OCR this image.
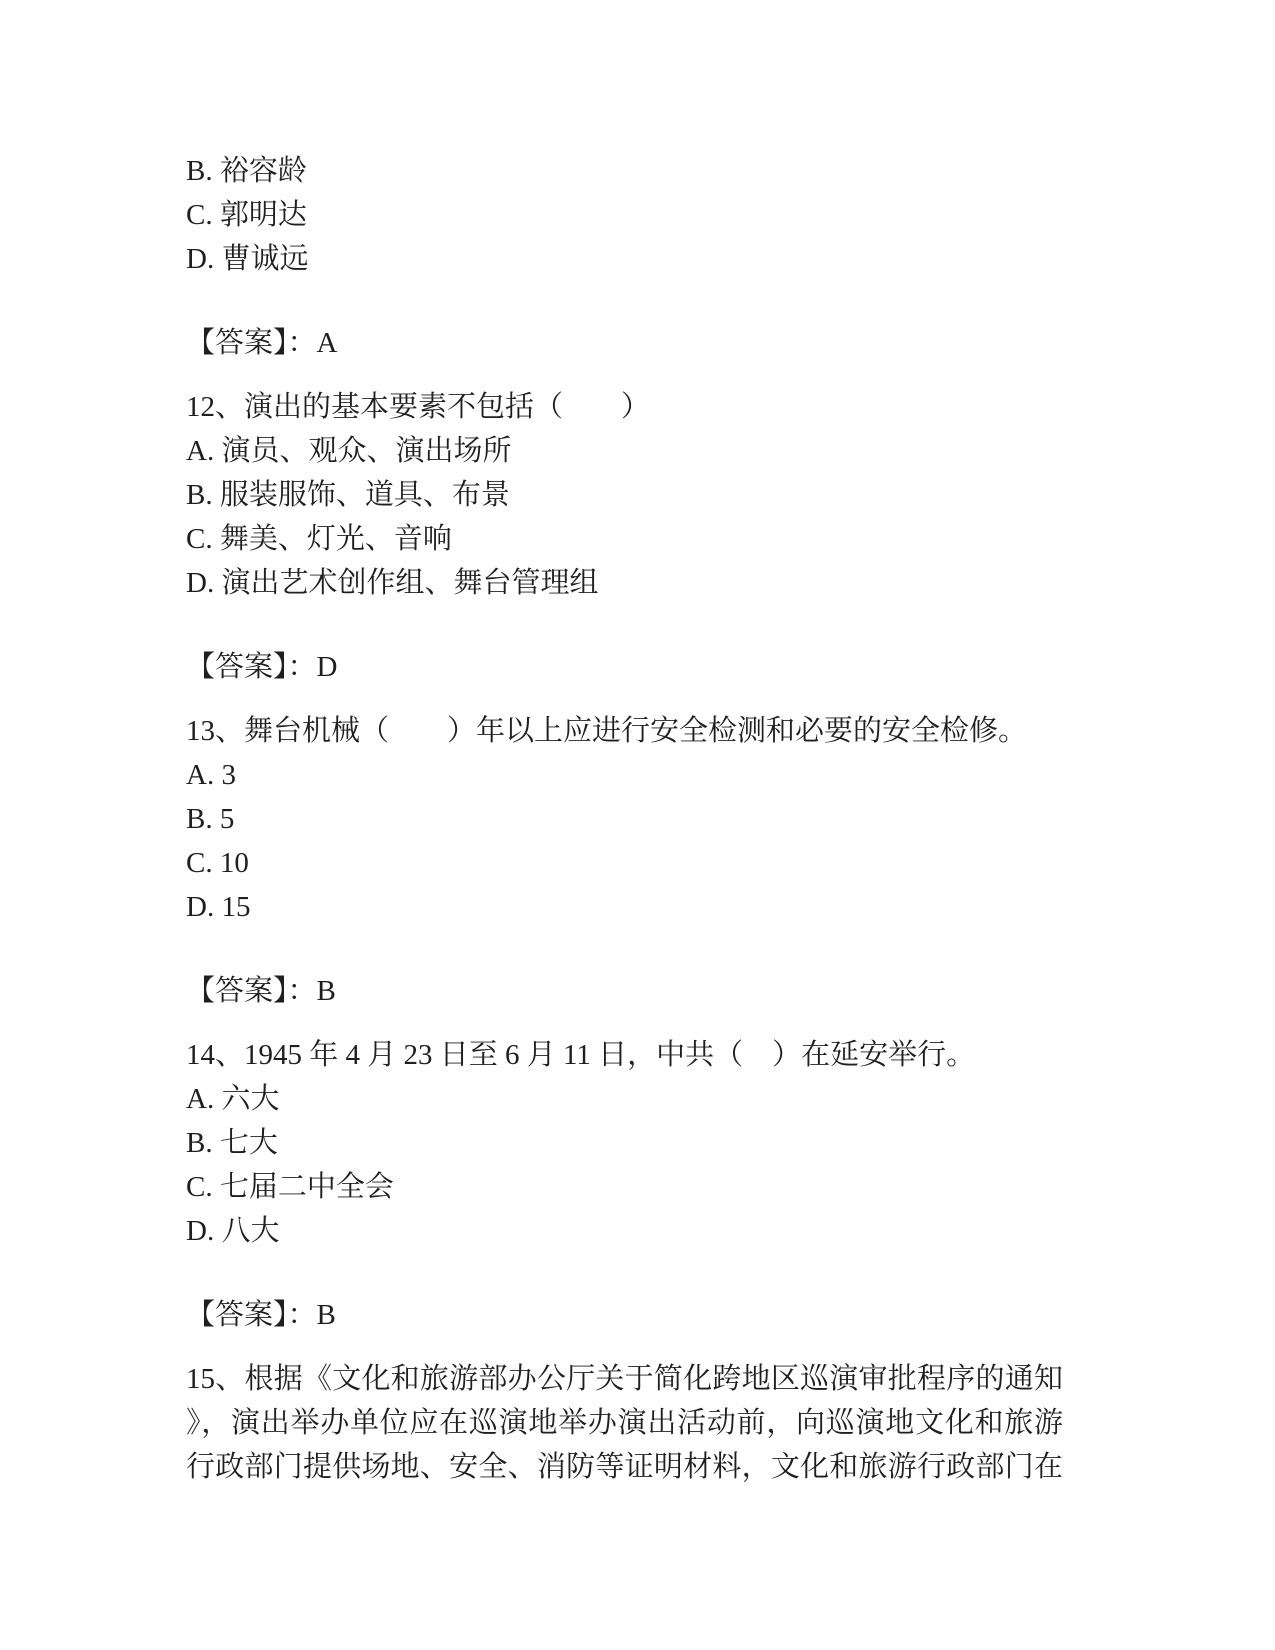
B. 裕容龄
C. 郭明达
D. 曹诚远
【答案】：A
12、演出的基本要素不包括（　　）
A. 演员、观众、演出场所
B. 服装服饰、道具、布景
C. 舞美、灯光、音响
D. 演出艺术创作组、舞台管理组
【答案】：D
13、舞台机械（　　）年以上应进行安全检测和必要的安全检修。
A. 3
B. 5
C. 10
D. 15
【答案】：B
14、1945 年 4 月 23 日至 6 月 11 日，中共（　）在延安举行。
A. 六大
B. 七大
C. 七届二中全会
D. 八大
【答案】：B
15、根据《文化和旅游部办公厅关于简化跨地区巡演审批程序的通知
》，演出举办单位应在巡演地举办演出活动前，向巡演地文化和旅游
行政部门提供场地、安全、消防等证明材料，文化和旅游行政部门在
